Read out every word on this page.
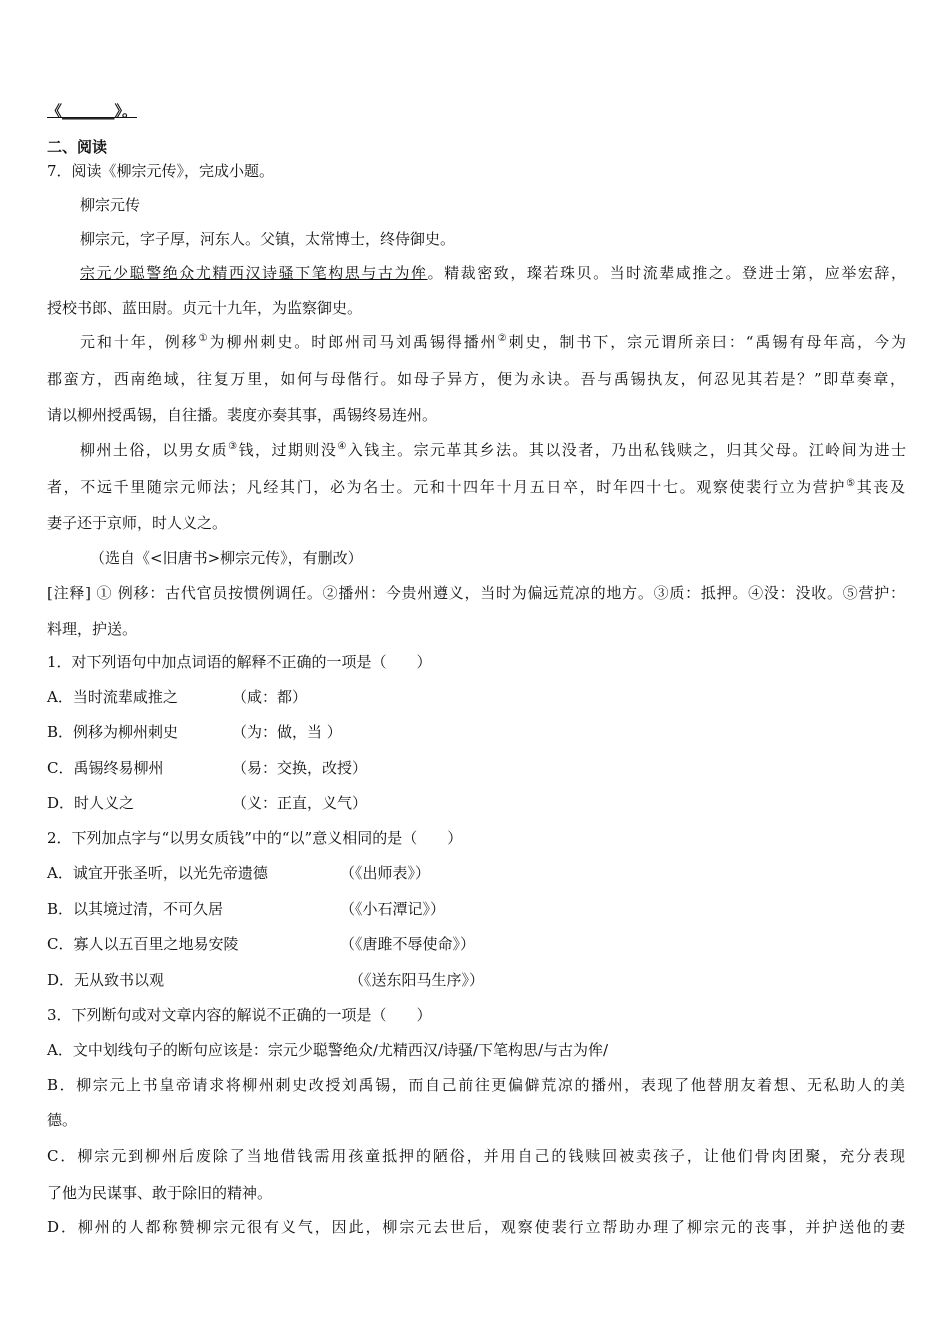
《_______》。
二、阅读
7．阅读《柳宗元传》，完成小题。
柳宗元传
柳宗元，字子厚，河东人。父镇，太常博士，终侍御史。
宗元少聪警绝众尤精西汉诗骚下笔构思与古为侔。精裁密致，璨若珠贝。当时流辈咸推之。登进士第，应举宏辞，
授校书郎、蓝田尉。贞元十九年，为监察御史。
元和十年，例移①为柳州刺史。时郎州司马刘禹锡得播州②刺史，制书下，宗元谓所亲曰：“禹锡有母年高，今为
郡蛮方，西南绝域，往复万里，如何与母偕行。如母子异方，便为永诀。吾与禹锡执友，何忍见其若是？”即草奏章，
请以柳州授禹锡，自往播。裴度亦奏其事，禹锡终易连州。
柳州土俗，以男女质③钱，过期则没④入钱主。宗元革其乡法。其以没者，乃出私钱赎之，归其父母。江岭间为进士
者，不远千里随宗元师法；凡经其门，必为名士。元和十四年十月五日卒，时年四十七。观察使裴行立为营护⑤其丧及
妻子还于京师，时人义之。
（选自《<旧唐书>柳宗元传》，有删改）
[注释] ① 例移：古代官员按惯例调任。②播州：今贵州遵义，当时为偏远荒凉的地方。③质：抵押。④没：没收。⑤营护：
料理，护送。
1．对下列语句中加点词语的解释不正确的一项是（　　）
A．当时流辈咸推之	（咸：都）
B．例移为柳州刺史	（为：做，当 ）
C．禹锡终易柳州	（易：交换，改授）
D．时人义之	（义：正直，义气）
2．下列加点字与“以男女质钱”中的“以”意义相同的是（　　）
A．诚宜开张圣听，以光先帝遗德	（《出师表》）
B．以其境过清，不可久居	（《小石潭记》）
C．寡人以五百里之地易安陵	（《唐雎不辱使命》）
D．无从致书以观	（《送东阳马生序》）
3．下列断句或对文章内容的解说不正确的一项是（　　）
A．文中划线句子的断句应该是：宗元少聪警绝众/尤精西汉/诗骚/下笔构思/与古为侔/
B．柳宗元上书皇帝请求将柳州刺史改授刘禹锡，而自己前往更偏僻荒凉的播州，表现了他替朋友着想、无私助人的美
德。
C．柳宗元到柳州后废除了当地借钱需用孩童抵押的陋俗，并用自己的钱赎回被卖孩子，让他们骨肉团聚，充分表现
了他为民谋事、敢于除旧的精神。
D．柳州的人都称赞柳宗元很有义气，因此，柳宗元去世后，观察使裴行立帮助办理了柳宗元的丧事，并护送他的妻
